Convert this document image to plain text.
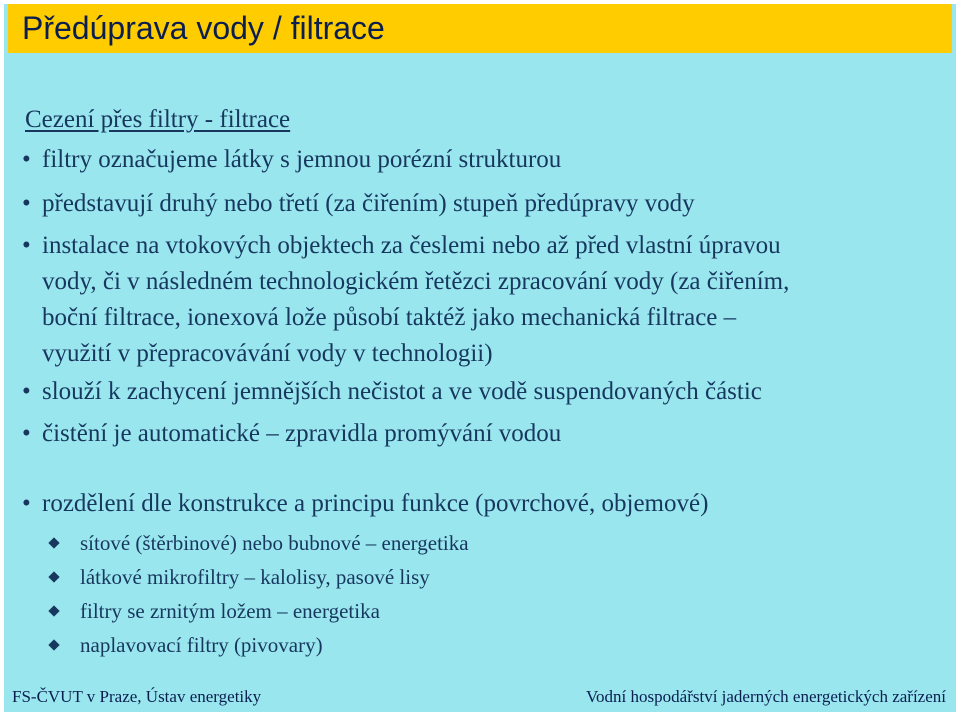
Předúprava vody / filtrace
Cezení přes filtry - filtrace
• filtry označujeme látky s jemnou porézní strukturou
• představují druhý nebo třetí (za čiřením) stupeň předúpravy vody
• instalace na vtokových objektech za česlemi nebo až před vlastní úpravou
vody, či v následném technologickém řetězci zpracování vody (za čiřením,
boční filtrace, ionexová lože působí taktéž jako mechanická filtrace –
využití v přepracovávání vody v technologii)
• slouží k zachycení jemnějších nečistot a ve vodě suspendovaných částic
• čistění je automatické – zpravidla promývání vodou
• rozdělení dle konstrukce a principu funkce (povrchové, objemové)
sítové (štěrbinové) nebo bubnové – energetika
látkové mikrofiltry – kalolisy, pasové lisy
filtry se zrnitým ložem – energetika
naplavovací filtry (pivovary)
FS-ČVUT v Praze, Ústav energetiky	Vodní hospodářství jaderných energetických zařízení
